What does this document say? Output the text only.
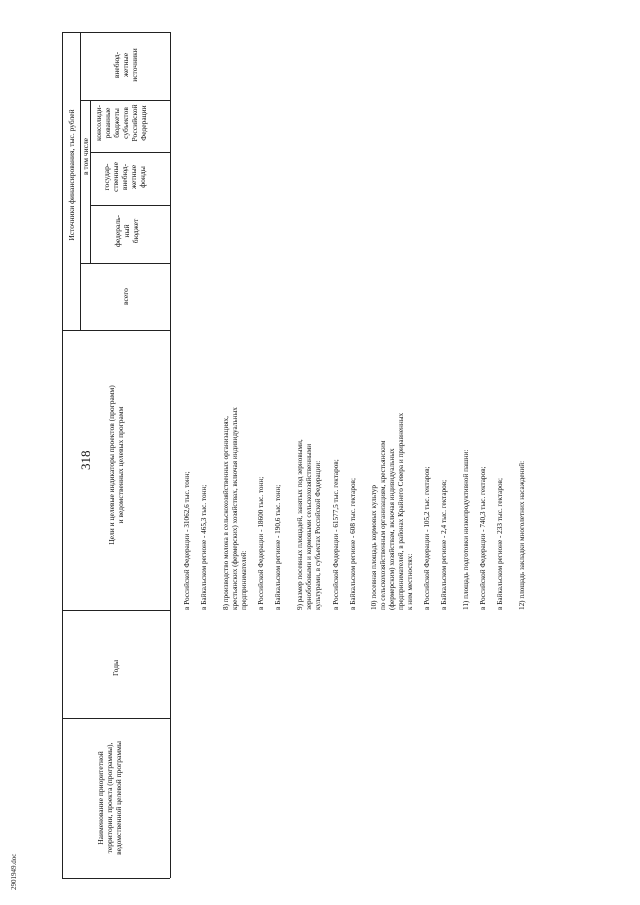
318
2901949.doc
Наименование приоритетной территории, проекта (программы), ведомственной целевой программы
Годы
Цели и целевые индикаторы проектов (программ) и ведомственных целевых программ
Источники финансирования, тыс. рублей
всего
в том числе
федераль- ный бюджет
государ- ственные внебюд- жетные фонды
консолиди- рованные бюджеты субъектов Российской Федерации
внебюд- жетные источники
в Российской Федерации - 31062,6 тыс. тонн; в Байкальском регионе - 465,3 тыс. тонн; 8) производство молока в сельскохозяйственных организациях, крестьянских (фермерских) хозяйствах, включая индивидуальных предпринимателей: в Российской Федерации - 18600 тыс. тонн; в Байкальском регионе - 190,6 тыс. тонн; 9) размер посевных площадей, занятых под зерновыми, зернобобовыми и кормовыми сельскохозяйственными культурами, в субъектах Российской Федерации: в Российской Федерации - 61577,5 тыс. гектаров; в Байкальском регионе - 608 тыс. гектаров; 10) посевная площадь кормовых культур по сельскохозяйственным организациям, крестьянским (фермерским) хозяйствам, включая индивидуальных предпринимателей, в районах Крайнего Севера и приравненных к ним местностях: в Российской Федерации - 105,2 тыс. гектаров; в Байкальском регионе - 2,4 тыс. гектаров; 11) площадь подготовки низкопродуктивной пашни: в Российской Федерации - 740,3 тыс. гектаров; в Байкальском регионе - 233 тыс. гектаров; 12) площадь закладки многолетних насаждений:
